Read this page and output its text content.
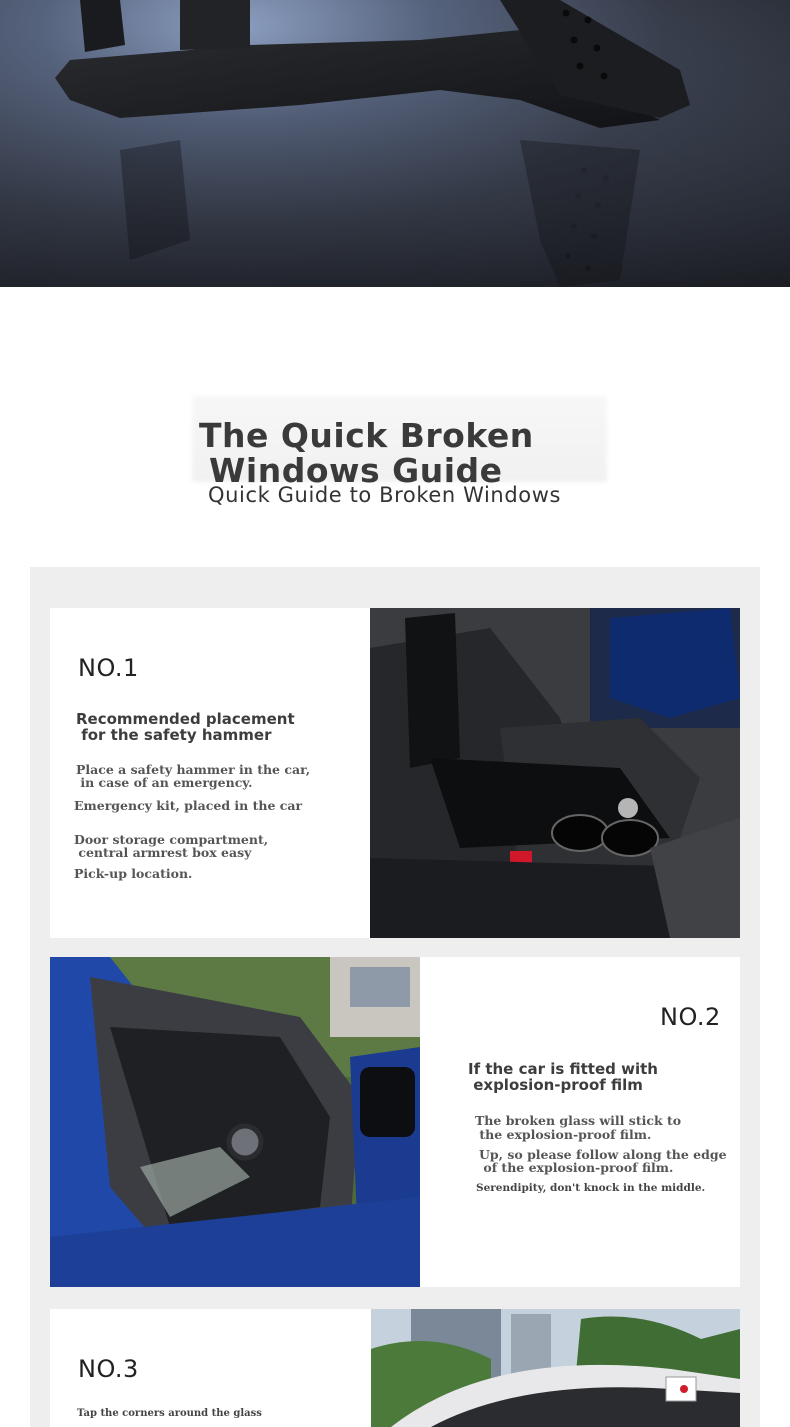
The Quick Broken
Windows Guide
Quick Guide to Broken Windows
NO.1
Recommended placement
for the safety hammer
Place a safety hammer in the car,
in case of an emergency.
Emergency kit, placed in the car
Door storage compartment,
central armrest box easy
Pick-up location.
NO.2
If the car is fitted with
explosion-proof film
The broken glass will stick to
the explosion-proof film.
Up, so please follow along the edge
of the explosion-proof film.
Serendipity, don't knock in the middle.
NO.3
Tap the corners around the glass
